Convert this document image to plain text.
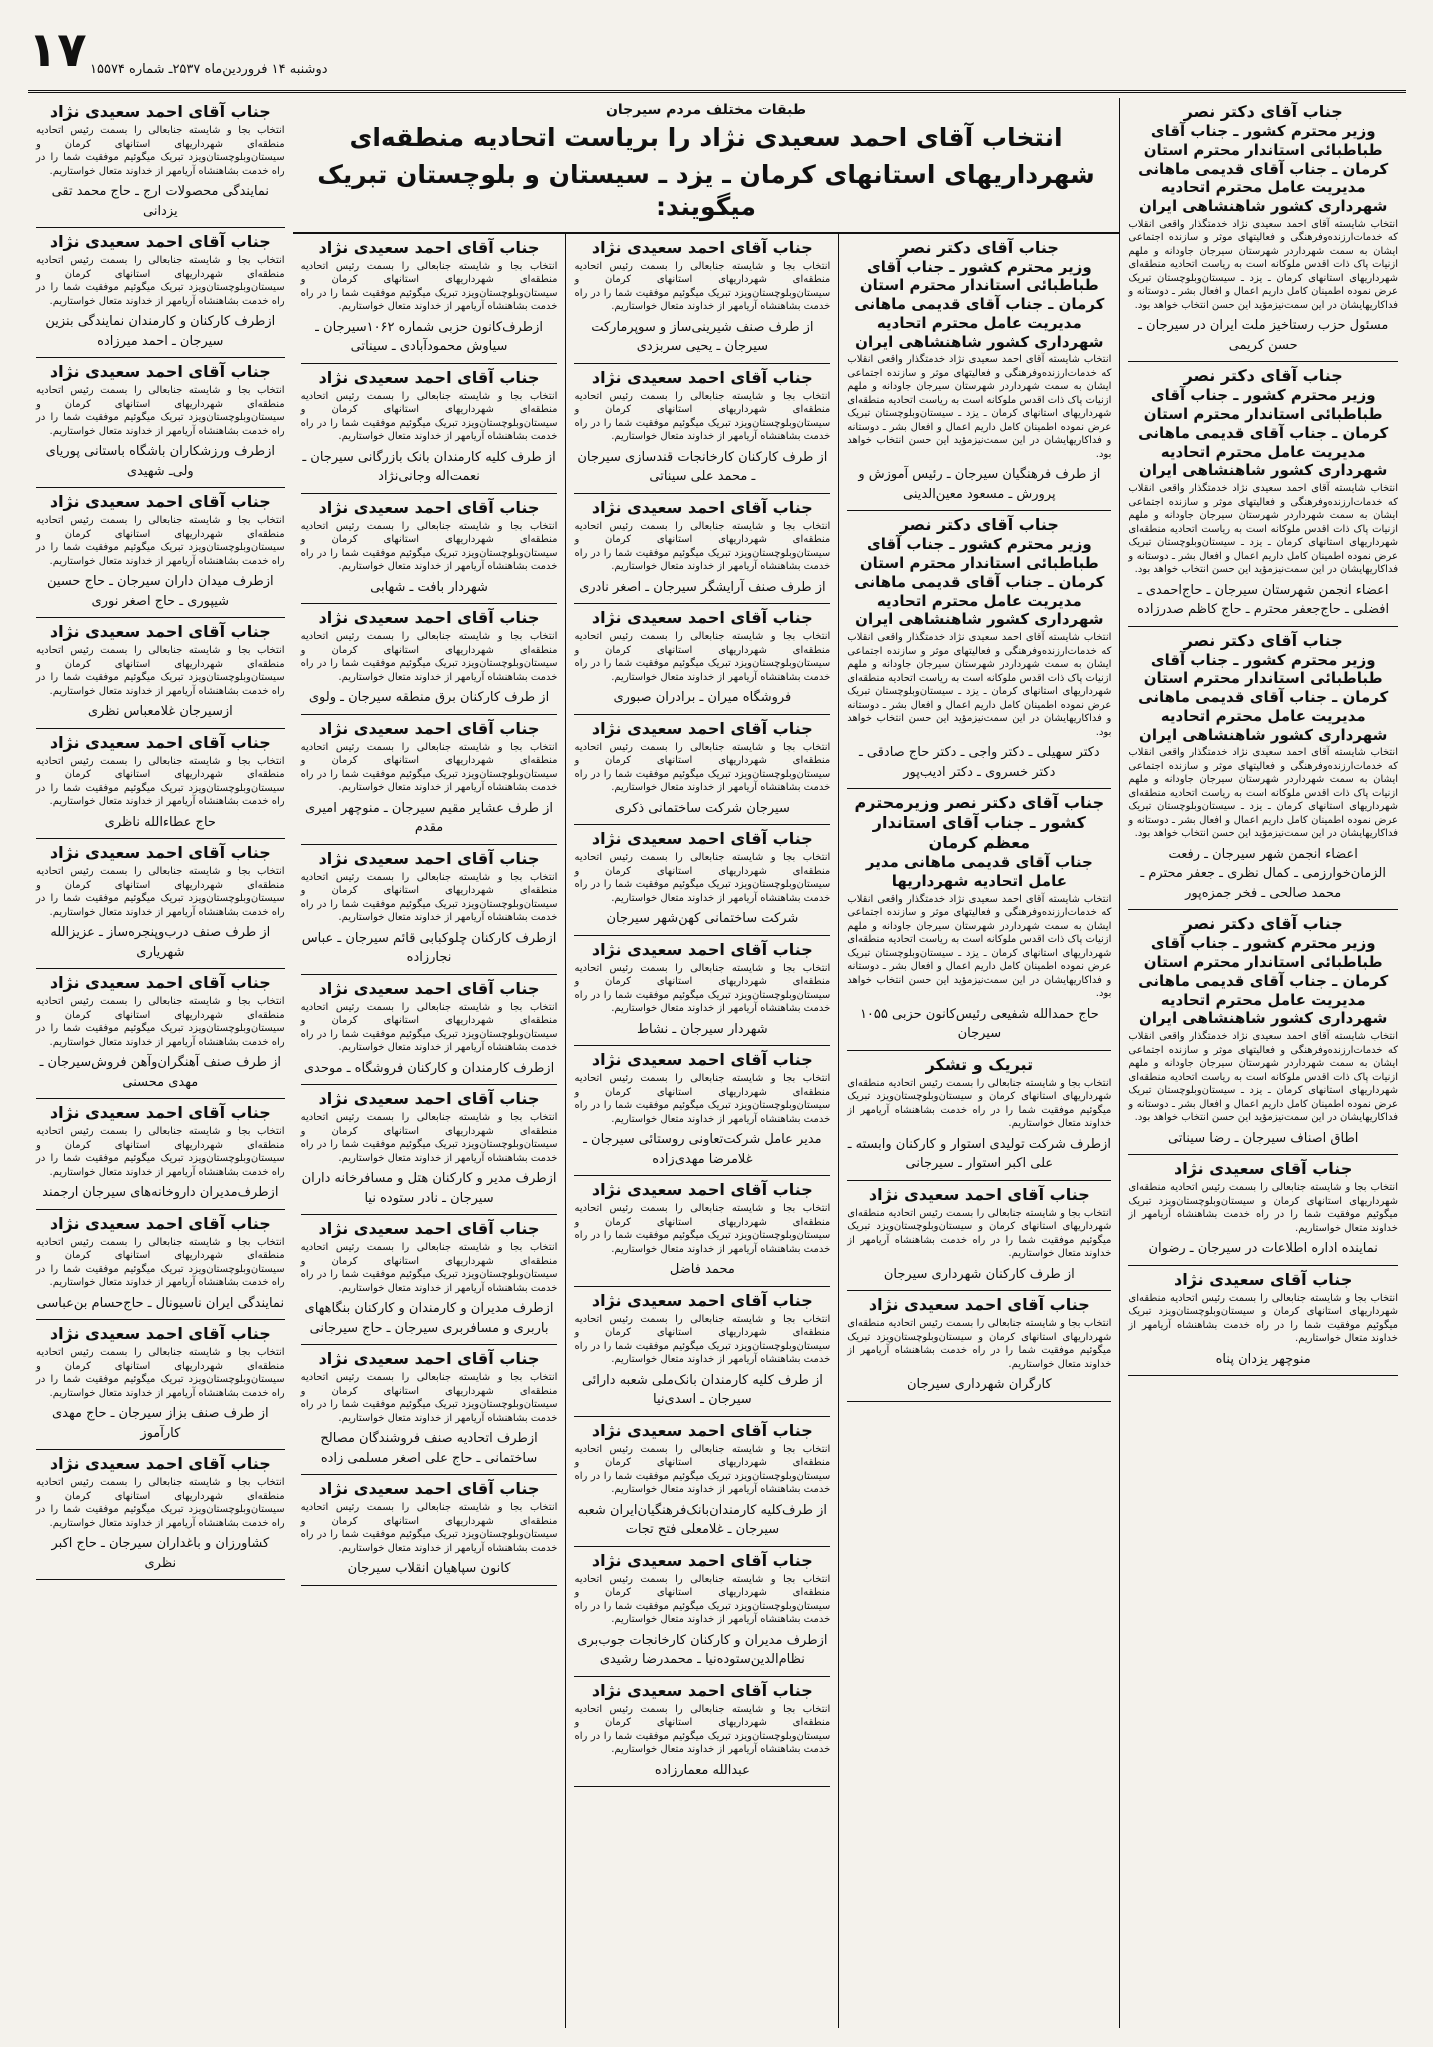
۱۷ دوشنبه ۱۴ فروردین‌ماه ۲۵۳۷ـ شماره ۱۵۵۷۴
جناب آقای دکتر نصر
وزیر محترم کشور ـ جناب آقای طباطبائی استاندار محترم استان کرمان ـ جناب آقای قدیمی ماهانی مدیریت عامل محترم اتحادیه شهرداری کشور شاهنشاهی ایران

انتخاب شایسته آقای احمد سعیدی نژاد خدمتگذار واقعی انقلاب که خدمات‌ارزنده‌وفرهنگی و فعالیتهای موثر و سازنده اجتماعی ایشان به سمت شهرداردر شهرستان سیرجان جاودانه و ملهم ازنیات پاک ذات اقدس ملوکانه است به ریاست اتحادیه منطقه‌ای شهرداریهای استانهای کرمان ـ یزد ـ سیستان‌وبلوچستان تبریک عرض نموده اطمینان کامل داریم اعمال و افعال بشر ـ دوستانه و فداکاریهایشان در این سمت‌نیزمؤید این حسن انتخاب خواهد بود.

مسئول حزب رستاخیز ملت ایران در سیرجان ـ حسن کریمی
جناب آقای دکتر نصر
وزیر محترم کشور ـ جناب آقای طباطبائی استاندار محترم استان کرمان ـ جناب آقای قدیمی ماهانی مدیریت عامل محترم اتحادیه شهرداری کشور شاهنشاهی ایران

انتخاب شایسته آقای احمد سعیدی نژاد خدمتگذار واقعی انقلاب که خدمات‌ارزنده‌وفرهنگی و فعالیتهای موثر و سازنده اجتماعی ایشان به سمت شهرداردر شهرستان سیرجان جاودانه و ملهم ازنیات پاک ذات اقدس ملوکانه است به ریاست اتحادیه منطقه‌ای شهرداریهای استانهای کرمان ـ یزد ـ سیستان‌وبلوچستان تبریک عرض نموده اطمینان کامل داریم اعمال و افعال بشر ـ دوستانه و فداکاریهایشان در این سمت‌نیزمؤید این حسن انتخاب خواهد بود.

اعضاء انجمن شهرستان سیرجان ـ حاج‌احمدی ـ افضلی ـ حاج‌جعفر محترم ـ حاج کاظم صدرزاده
جناب آقای دکتر نصر
وزیر محترم کشور ـ جناب آقای طباطبائی استاندار محترم استان کرمان ـ جناب آقای قدیمی ماهانی مدیریت عامل محترم اتحادیه شهرداری کشور شاهنشاهی ایران

انتخاب شایسته آقای احمد سعیدی نژاد خدمتگذار واقعی انقلاب که خدمات‌ارزنده‌وفرهنگی و فعالیتهای موثر و سازنده اجتماعی ایشان به سمت شهرداردر شهرستان سیرجان جاودانه و ملهم ازنیات پاک ذات اقدس ملوکانه است به ریاست اتحادیه منطقه‌ای شهرداریهای استانهای کرمان ـ یزد ـ سیستان‌وبلوچستان تبریک عرض نموده اطمینان کامل داریم اعمال و افعال بشر ـ دوستانه و فداکاریهایشان در این سمت‌نیزمؤید این حسن انتخاب خواهد بود.

اعضاء انجمن شهر سیرجان ـ رفعت الزمان‌خوارزمی ـ کمال نظری ـ جعفر محترم ـ محمد صالحی ـ فخر جمزه‌پور
جناب آقای دکتر نصر
وزیر محترم کشور ـ جناب آقای طباطبائی استاندار محترم استان کرمان ـ جناب آقای قدیمی ماهانی مدیریت عامل محترم اتحادیه شهرداری کشور شاهنشاهی ایران

انتخاب شایسته آقای احمد سعیدی نژاد خدمتگذار واقعی انقلاب که خدمات‌ارزنده‌وفرهنگی و فعالیتهای موثر و سازنده اجتماعی ایشان به سمت شهرداردر شهرستان سیرجان جاودانه و ملهم ازنیات پاک ذات اقدس ملوکانه است به ریاست اتحادیه منطقه‌ای شهرداریهای استانهای کرمان ـ یزد ـ سیستان‌وبلوچستان تبریک عرض نموده اطمینان کامل داریم اعمال و افعال بشر ـ دوستانه و فداکاریهایشان در این سمت‌نیزمؤید این حسن انتخاب خواهد بود.

اطاق اصناف سیرجان ـ رضا سیناتی
جناب آقای سعیدی نژاد

انتخاب بجا و شایسته جنابعالی را بسمت رئیس اتحادیه منطقه‌ای شهرداریهای استانهای کرمان و سیستان‌وبلوچستان‌ویزد تبریک میگوئیم موفقیت شما را در راه خدمت بشاهنشاه آریامهر از خداوند متعال خواستاریم.

نماینده اداره اطلاعات در سیرجان ـ رضوان
جناب آقای سعیدی نژاد

انتخاب بجا و شایسته جنابعالی را بسمت رئیس اتحادیه منطقه‌ای شهرداریهای استانهای کرمان و سیستان‌وبلوچستان‌ویزد تبریک میگوئیم موفقیت شما را در راه خدمت بشاهنشاه آریامهر از خداوند متعال خواستاریم.

منوچهر یزدان پناه
طبقات مختلف مردم سیرجان
انتخاب آقای احمد سعیدی نژاد را بریاست اتحادیه منطقه‌ای
شهرداریهای استانهای کرمان ـ یزد ـ سیستان و بلوچستان تبریک میگویند:
جناب آقای دکتر نصر
وزیر محترم کشور ـ جناب آقای طباطبائی استاندار محترم استان کرمان ـ جناب آقای قدیمی ماهانی مدیریت عامل محترم اتحادیه شهرداری کشور شاهنشاهی ایران

انتخاب شایسته آقای احمد سعیدی نژاد خدمتگذار واقعی انقلاب که خدمات‌ارزنده‌وفرهنگی و فعالیتهای موثر و سازنده اجتماعی ایشان به سمت شهرداردر شهرستان سیرجان جاودانه و ملهم ازنیات پاک ذات اقدس ملوکانه است به ریاست اتحادیه منطقه‌ای شهرداریهای استانهای کرمان ـ یزد ـ سیستان‌وبلوچستان تبریک عرض نموده اطمینان کامل داریم اعمال و افعال بشر ـ دوستانه و فداکاریهایشان در این سمت‌نیزمؤید این حسن انتخاب خواهد بود.

از طرف فرهنگیان سیرجان ـ رئیس آموزش و پرورش ـ مسعود معین‌الدینی
جناب آقای دکتر نصر
وزیر محترم کشور ـ جناب آقای طباطبائی استاندار محترم استان کرمان ـ جناب آقای قدیمی ماهانی مدیریت عامل محترم اتحادیه شهرداری کشور شاهنشاهی ایران

انتخاب شایسته آقای احمد سعیدی نژاد خدمتگذار واقعی انقلاب که خدمات‌ارزنده‌وفرهنگی و فعالیتهای موثر و سازنده اجتماعی ایشان به سمت شهرداردر شهرستان سیرجان جاودانه و ملهم ازنیات پاک ذات اقدس ملوکانه است به ریاست اتحادیه منطقه‌ای شهرداریهای استانهای کرمان ـ یزد ـ سیستان‌وبلوچستان تبریک عرض نموده اطمینان کامل داریم اعمال و افعال بشر ـ دوستانه و فداکاریهایشان در این سمت‌نیزمؤید این حسن انتخاب خواهد بود.

دکتر سهیلی ـ دکتر واجی ـ دکتر حاج صادقی ـ دکتر خسروی ـ دکتر ادیب‌پور
جناب آقای دکتر نصر وزیرمحترم کشور ـ جناب آقای استاندار معظم کرمان
جناب آقای قدیمی ماهانی مدیر عامل اتحادیه شهرداریها

انتخاب شایسته آقای احمد سعیدی نژاد خدمتگذار واقعی انقلاب که خدمات‌ارزنده‌وفرهنگی و فعالیتهای موثر و سازنده اجتماعی ایشان به سمت شهرداردر شهرستان سیرجان جاودانه و ملهم ازنیات پاک ذات اقدس ملوکانه است به ریاست اتحادیه منطقه‌ای شهرداریهای استانهای کرمان ـ یزد ـ سیستان‌وبلوچستان تبریک عرض نموده اطمینان کامل داریم اعمال و افعال بشر ـ دوستانه و فداکاریهایشان در این سمت‌نیزمؤید این حسن انتخاب خواهد بود.

حاج حمدالله شفیعی رئیس‌کانون حزبی ۱۰۵۵ سیرجان
تبریک و تشکر

انتخاب بجا و شایسته جنابعالی را بسمت رئیس اتحادیه منطقه‌ای شهرداریهای استانهای کرمان و سیستان‌وبلوچستان‌ویزد تبریک میگوئیم موفقیت شما را در راه خدمت بشاهنشاه آریامهر از خداوند متعال خواستاریم.

ازطرف شرکت تولیدی استوار و کارکنان وابسته ـ علی اکبر استوار ـ سیرجانی
جناب آقای احمد سعیدی نژاد

انتخاب بجا و شایسته جنابعالی را بسمت رئیس اتحادیه منطقه‌ای شهرداریهای استانهای کرمان و سیستان‌وبلوچستان‌ویزد تبریک میگوئیم موفقیت شما را در راه خدمت بشاهنشاه آریامهر از خداوند متعال خواستاریم.

از طرف کارکنان شهرداری سیرجان
جناب آقای احمد سعیدی نژاد

انتخاب بجا و شایسته جنابعالی را بسمت رئیس اتحادیه منطقه‌ای شهرداریهای استانهای کرمان و سیستان‌وبلوچستان‌ویزد تبریک میگوئیم موفقیت شما را در راه خدمت بشاهنشاه آریامهر از خداوند متعال خواستاریم.

کارگران شهرداری سیرجان
جناب آقای احمد سعیدی نژاد

انتخاب بجا و شایسته جنابعالی را بسمت رئیس اتحادیه منطقه‌ای شهرداریهای استانهای کرمان و سیستان‌وبلوچستان‌ویزد تبریک میگوئیم موفقیت شما را در راه خدمت بشاهنشاه آریامهر از خداوند متعال خواستاریم.

از طرف صنف شیرینی‌ساز و سوپرمارکت سیرجان ـ یحیی سربزدی
جناب آقای احمد سعیدی نژاد

انتخاب بجا و شایسته جنابعالی را بسمت رئیس اتحادیه منطقه‌ای شهرداریهای استانهای کرمان و سیستان‌وبلوچستان‌ویزد تبریک میگوئیم موفقیت شما را در راه خدمت بشاهنشاه آریامهر از خداوند متعال خواستاریم.

از طرف کارکنان کارخانجات قندسازی سیرجان ـ محمد علی سیناتی
جناب آقای احمد سعیدی نژاد

انتخاب بجا و شایسته جنابعالی را بسمت رئیس اتحادیه منطقه‌ای شهرداریهای استانهای کرمان و سیستان‌وبلوچستان‌ویزد تبریک میگوئیم موفقیت شما را در راه خدمت بشاهنشاه آریامهر از خداوند متعال خواستاریم.

از طرف صنف آرایشگر سیرجان ـ اصغر نادری
جناب آقای احمد سعیدی نژاد

انتخاب بجا و شایسته جنابعالی را بسمت رئیس اتحادیه منطقه‌ای شهرداریهای استانهای کرمان و سیستان‌وبلوچستان‌ویزد تبریک میگوئیم موفقیت شما را در راه خدمت بشاهنشاه آریامهر از خداوند متعال خواستاریم.

فروشگاه میران ـ برادران صبوری
جناب آقای احمد سعیدی نژاد

انتخاب بجا و شایسته جنابعالی را بسمت رئیس اتحادیه منطقه‌ای شهرداریهای استانهای کرمان و سیستان‌وبلوچستان‌ویزد تبریک میگوئیم موفقیت شما را در راه خدمت بشاهنشاه آریامهر از خداوند متعال خواستاریم.

سیرجان شرکت ساختمانی ذکری
جناب آقای احمد سعیدی نژاد

انتخاب بجا و شایسته جنابعالی را بسمت رئیس اتحادیه منطقه‌ای شهرداریهای استانهای کرمان و سیستان‌وبلوچستان‌ویزد تبریک میگوئیم موفقیت شما را در راه خدمت بشاهنشاه آریامهر از خداوند متعال خواستاریم.

شرکت ساختمانی کهن‌شهر سیرجان
جناب آقای احمد سعیدی نژاد

انتخاب بجا و شایسته جنابعالی را بسمت رئیس اتحادیه منطقه‌ای شهرداریهای استانهای کرمان و سیستان‌وبلوچستان‌ویزد تبریک میگوئیم موفقیت شما را در راه خدمت بشاهنشاه آریامهر از خداوند متعال خواستاریم.

شهردار سیرجان ـ نشاط
جناب آقای احمد سعیدی نژاد

انتخاب بجا و شایسته جنابعالی را بسمت رئیس اتحادیه منطقه‌ای شهرداریهای استانهای کرمان و سیستان‌وبلوچستان‌ویزد تبریک میگوئیم موفقیت شما را در راه خدمت بشاهنشاه آریامهر از خداوند متعال خواستاریم.

مدیر عامل شرکت‌تعاونی روستائی سیرجان ـ غلامرضا مهدی‌زاده
جناب آقای احمد سعیدی نژاد

انتخاب بجا و شایسته جنابعالی را بسمت رئیس اتحادیه منطقه‌ای شهرداریهای استانهای کرمان و سیستان‌وبلوچستان‌ویزد تبریک میگوئیم موفقیت شما را در راه خدمت بشاهنشاه آریامهر از خداوند متعال خواستاریم.

محمد فاضل
جناب آقای احمد سعیدی نژاد

انتخاب بجا و شایسته جنابعالی را بسمت رئیس اتحادیه منطقه‌ای شهرداریهای استانهای کرمان و سیستان‌وبلوچستان‌ویزد تبریک میگوئیم موفقیت شما را در راه خدمت بشاهنشاه آریامهر از خداوند متعال خواستاریم.

از طرف کلیه کارمندان بانک‌ملی شعبه دارائی سیرجان ـ اسدی‌نیا
جناب آقای احمد سعیدی نژاد

انتخاب بجا و شایسته جنابعالی را بسمت رئیس اتحادیه منطقه‌ای شهرداریهای استانهای کرمان و سیستان‌وبلوچستان‌ویزد تبریک میگوئیم موفقیت شما را در راه خدمت بشاهنشاه آریامهر از خداوند متعال خواستاریم.

از طرف‌کلیه کارمندان‌بانک‌فرهنگیان‌ایران شعبه سیرجان ـ غلامعلی فتح تجات
جناب آقای احمد سعیدی نژاد

انتخاب بجا و شایسته جنابعالی را بسمت رئیس اتحادیه منطقه‌ای شهرداریهای استانهای کرمان و سیستان‌وبلوچستان‌ویزد تبریک میگوئیم موفقیت شما را در راه خدمت بشاهنشاه آریامهر از خداوند متعال خواستاریم.

ازطرف مدیران و کارکنان کارخانجات جوب‌بری نظام‌الدین‌ستوده‌نیا ـ محمدرضا رشیدی
جناب آقای احمد سعیدی نژاد

انتخاب بجا و شایسته جنابعالی را بسمت رئیس اتحادیه منطقه‌ای شهرداریهای استانهای کرمان و سیستان‌وبلوچستان‌ویزد تبریک میگوئیم موفقیت شما را در راه خدمت بشاهنشاه آریامهر از خداوند متعال خواستاریم.

عبدالله معمارزاده
جناب آقای احمد سعیدی نژاد

انتخاب بجا و شایسته جنابعالی را بسمت رئیس اتحادیه منطقه‌ای شهرداریهای استانهای کرمان و سیستان‌وبلوچستان‌ویزد تبریک میگوئیم موفقیت شما را در راه خدمت بشاهنشاه آریامهر از خداوند متعال خواستاریم.

ازطرف‌کانون حزبی شماره ۱۰۶۲سیرجان ـ سیاوش محمودآبادی ـ سیناتی
جناب آقای احمد سعیدی نژاد

انتخاب بجا و شایسته جنابعالی را بسمت رئیس اتحادیه منطقه‌ای شهرداریهای استانهای کرمان و سیستان‌وبلوچستان‌ویزد تبریک میگوئیم موفقیت شما را در راه خدمت بشاهنشاه آریامهر از خداوند متعال خواستاریم.

از طرف کلیه کارمندان بانک بازرگانی سیرجان ـ نعمت‌اله وجانی‌نژاد
جناب آقای احمد سعیدی نژاد

انتخاب بجا و شایسته جنابعالی را بسمت رئیس اتحادیه منطقه‌ای شهرداریهای استانهای کرمان و سیستان‌وبلوچستان‌ویزد تبریک میگوئیم موفقیت شما را در راه خدمت بشاهنشاه آریامهر از خداوند متعال خواستاریم.

شهردار بافت ـ شهابی
جناب آقای احمد سعیدی نژاد

انتخاب بجا و شایسته جنابعالی را بسمت رئیس اتحادیه منطقه‌ای شهرداریهای استانهای کرمان و سیستان‌وبلوچستان‌ویزد تبریک میگوئیم موفقیت شما را در راه خدمت بشاهنشاه آریامهر از خداوند متعال خواستاریم.

از طرف کارکنان برق منطقه سیرجان ـ ولوی
جناب آقای احمد سعیدی نژاد

انتخاب بجا و شایسته جنابعالی را بسمت رئیس اتحادیه منطقه‌ای شهرداریهای استانهای کرمان و سیستان‌وبلوچستان‌ویزد تبریک میگوئیم موفقیت شما را در راه خدمت بشاهنشاه آریامهر از خداوند متعال خواستاریم.

از طرف عشایر مقیم سیرجان ـ منوچهر امیری مقدم
جناب آقای احمد سعیدی نژاد

انتخاب بجا و شایسته جنابعالی را بسمت رئیس اتحادیه منطقه‌ای شهرداریهای استانهای کرمان و سیستان‌وبلوچستان‌ویزد تبریک میگوئیم موفقیت شما را در راه خدمت بشاهنشاه آریامهر از خداوند متعال خواستاریم.

ازطرف کارکنان چلوکبابی قائم سیرجان ـ عباس نجارزاده
جناب آقای احمد سعیدی نژاد

انتخاب بجا و شایسته جنابعالی را بسمت رئیس اتحادیه منطقه‌ای شهرداریهای استانهای کرمان و سیستان‌وبلوچستان‌ویزد تبریک میگوئیم موفقیت شما را در راه خدمت بشاهنشاه آریامهر از خداوند متعال خواستاریم.

ازطرف کارمندان و کارکنان فروشگاه ـ موحدی
جناب آقای احمد سعیدی نژاد

انتخاب بجا و شایسته جنابعالی را بسمت رئیس اتحادیه منطقه‌ای شهرداریهای استانهای کرمان و سیستان‌وبلوچستان‌ویزد تبریک میگوئیم موفقیت شما را در راه خدمت بشاهنشاه آریامهر از خداوند متعال خواستاریم.

ازطرف مدیر و کارکنان هتل و مسافرخانه داران سیرجان ـ نادر ستوده نیا
جناب آقای احمد سعیدی نژاد

انتخاب بجا و شایسته جنابعالی را بسمت رئیس اتحادیه منطقه‌ای شهرداریهای استانهای کرمان و سیستان‌وبلوچستان‌ویزد تبریک میگوئیم موفقیت شما را در راه خدمت بشاهنشاه آریامهر از خداوند متعال خواستاریم.

ازطرف مدیران و کارمندان و کارکنان بنگاههای باربری و مسافربری سیرجان ـ حاج سیرجانی
جناب آقای احمد سعیدی نژاد

انتخاب بجا و شایسته جنابعالی را بسمت رئیس اتحادیه منطقه‌ای شهرداریهای استانهای کرمان و سیستان‌وبلوچستان‌ویزد تبریک میگوئیم موفقیت شما را در راه خدمت بشاهنشاه آریامهر از خداوند متعال خواستاریم.

ازطرف اتحادیه صنف فروشندگان مصالح ساختمانی ـ حاج علی اصغر مسلمی زاده
جناب آقای احمد سعیدی نژاد

انتخاب بجا و شایسته جنابعالی را بسمت رئیس اتحادیه منطقه‌ای شهرداریهای استانهای کرمان و سیستان‌وبلوچستان‌ویزد تبریک میگوئیم موفقیت شما را در راه خدمت بشاهنشاه آریامهر از خداوند متعال خواستاریم.

کانون سپاهیان انقلاب سیرجان
جناب آقای احمد سعیدی نژاد

انتخاب بجا و شایسته جنابعالی را بسمت رئیس اتحادیه منطقه‌ای شهرداریهای استانهای کرمان و سیستان‌وبلوچستان‌ویزد تبریک میگوئیم موفقیت شما را در راه خدمت بشاهنشاه آریامهر از خداوند متعال خواستاریم.

نمایندگی محصولات ارج ـ حاج محمد تقی یزدانی
جناب آقای احمد سعیدی نژاد

انتخاب بجا و شایسته جنابعالی را بسمت رئیس اتحادیه منطقه‌ای شهرداریهای استانهای کرمان و سیستان‌وبلوچستان‌ویزد تبریک میگوئیم موفقیت شما را در راه خدمت بشاهنشاه آریامهر از خداوند متعال خواستاریم.

ازطرف کارکنان و کارمندان نمایندگی بنزین سیرجان ـ احمد میرزاده
جناب آقای احمد سعیدی نژاد

انتخاب بجا و شایسته جنابعالی را بسمت رئیس اتحادیه منطقه‌ای شهرداریهای استانهای کرمان و سیستان‌وبلوچستان‌ویزد تبریک میگوئیم موفقیت شما را در راه خدمت بشاهنشاه آریامهر از خداوند متعال خواستاریم.

ازطرف ورزشکاران باشگاه باستانی پوریای ولی‌ـ شهیدی
جناب آقای احمد سعیدی نژاد

انتخاب بجا و شایسته جنابعالی را بسمت رئیس اتحادیه منطقه‌ای شهرداریهای استانهای کرمان و سیستان‌وبلوچستان‌ویزد تبریک میگوئیم موفقیت شما را در راه خدمت بشاهنشاه آریامهر از خداوند متعال خواستاریم.

ازطرف میدان داران سیرجان ـ حاج حسین شیپوری ـ حاج اصغر نوری
جناب آقای احمد سعیدی نژاد

انتخاب بجا و شایسته جنابعالی را بسمت رئیس اتحادیه منطقه‌ای شهرداریهای استانهای کرمان و سیستان‌وبلوچستان‌ویزد تبریک میگوئیم موفقیت شما را در راه خدمت بشاهنشاه آریامهر از خداوند متعال خواستاریم.

ازسیرجان غلامعباس نظری
جناب آقای احمد سعیدی نژاد

انتخاب بجا و شایسته جنابعالی را بسمت رئیس اتحادیه منطقه‌ای شهرداریهای استانهای کرمان و سیستان‌وبلوچستان‌ویزد تبریک میگوئیم موفقیت شما را در راه خدمت بشاهنشاه آریامهر از خداوند متعال خواستاریم.

حاج عطاءالله ناظری
جناب آقای احمد سعیدی نژاد

انتخاب بجا و شایسته جنابعالی را بسمت رئیس اتحادیه منطقه‌ای شهرداریهای استانهای کرمان و سیستان‌وبلوچستان‌ویزد تبریک میگوئیم موفقیت شما را در راه خدمت بشاهنشاه آریامهر از خداوند متعال خواستاریم.

از طرف صنف درب‌وپنجره‌ساز ـ عزیزالله شهریاری
جناب آقای احمد سعیدی نژاد

انتخاب بجا و شایسته جنابعالی را بسمت رئیس اتحادیه منطقه‌ای شهرداریهای استانهای کرمان و سیستان‌وبلوچستان‌ویزد تبریک میگوئیم موفقیت شما را در راه خدمت بشاهنشاه آریامهر از خداوند متعال خواستاریم.

از طرف صنف آهنگران‌وآهن فروش‌سیرجان ـ مهدی محسنی
جناب آقای احمد سعیدی نژاد

انتخاب بجا و شایسته جنابعالی را بسمت رئیس اتحادیه منطقه‌ای شهرداریهای استانهای کرمان و سیستان‌وبلوچستان‌ویزد تبریک میگوئیم موفقیت شما را در راه خدمت بشاهنشاه آریامهر از خداوند متعال خواستاریم.

ازطرف‌مدیران داروخانه‌های سیرجان ارجمند
جناب آقای احمد سعیدی نژاد

انتخاب بجا و شایسته جنابعالی را بسمت رئیس اتحادیه منطقه‌ای شهرداریهای استانهای کرمان و سیستان‌وبلوچستان‌ویزد تبریک میگوئیم موفقیت شما را در راه خدمت بشاهنشاه آریامهر از خداوند متعال خواستاریم.

نمایندگی ایران ناسیونال ـ حاج‌حسام بن‌عباسی
جناب آقای احمد سعیدی نژاد

انتخاب بجا و شایسته جنابعالی را بسمت رئیس اتحادیه منطقه‌ای شهرداریهای استانهای کرمان و سیستان‌وبلوچستان‌ویزد تبریک میگوئیم موفقیت شما را در راه خدمت بشاهنشاه آریامهر از خداوند متعال خواستاریم.

از طرف صنف بزاز سیرجان ـ حاج مهدی کارآموز
جناب آقای احمد سعیدی نژاد

انتخاب بجا و شایسته جنابعالی را بسمت رئیس اتحادیه منطقه‌ای شهرداریهای استانهای کرمان و سیستان‌وبلوچستان‌ویزد تبریک میگوئیم موفقیت شما را در راه خدمت بشاهنشاه آریامهر از خداوند متعال خواستاریم.

کشاورزان و باغداران سیرجان ـ حاج اکبر نظری
